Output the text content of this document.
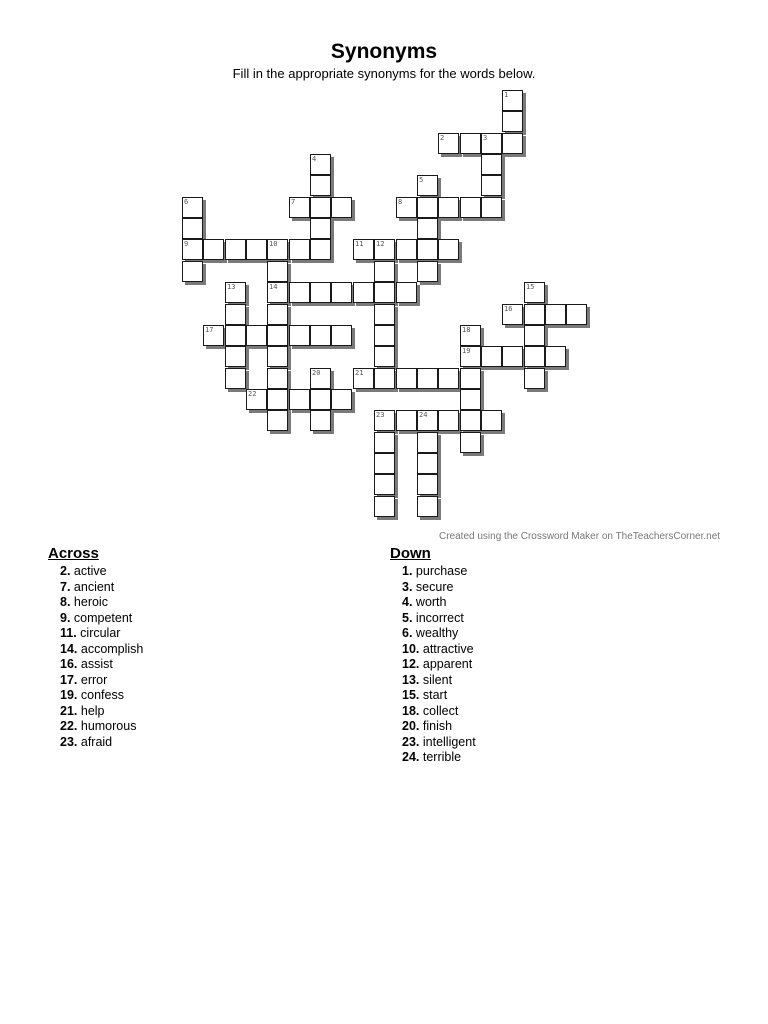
Synonyms
Fill in the appropriate synonyms for the words below.
1
2	3
4
5
6	7	8
9	10	11 12
13	14	15
16
17	18
19
20	21
22
23	24
Created using the Crossword Maker on TheTeachersCorner.net
Across
2. active
7. ancient
8. heroic
9. competent
11. circular
14. accomplish
16. assist
17. error
19. confess
21. help
22. humorous
23. afraid
Down
1. purchase
3. secure
4. worth
5. incorrect
6. wealthy
10. attractive
12. apparent
13. silent
15. start
18. collect
20. finish
23. intelligent
24. terrible
